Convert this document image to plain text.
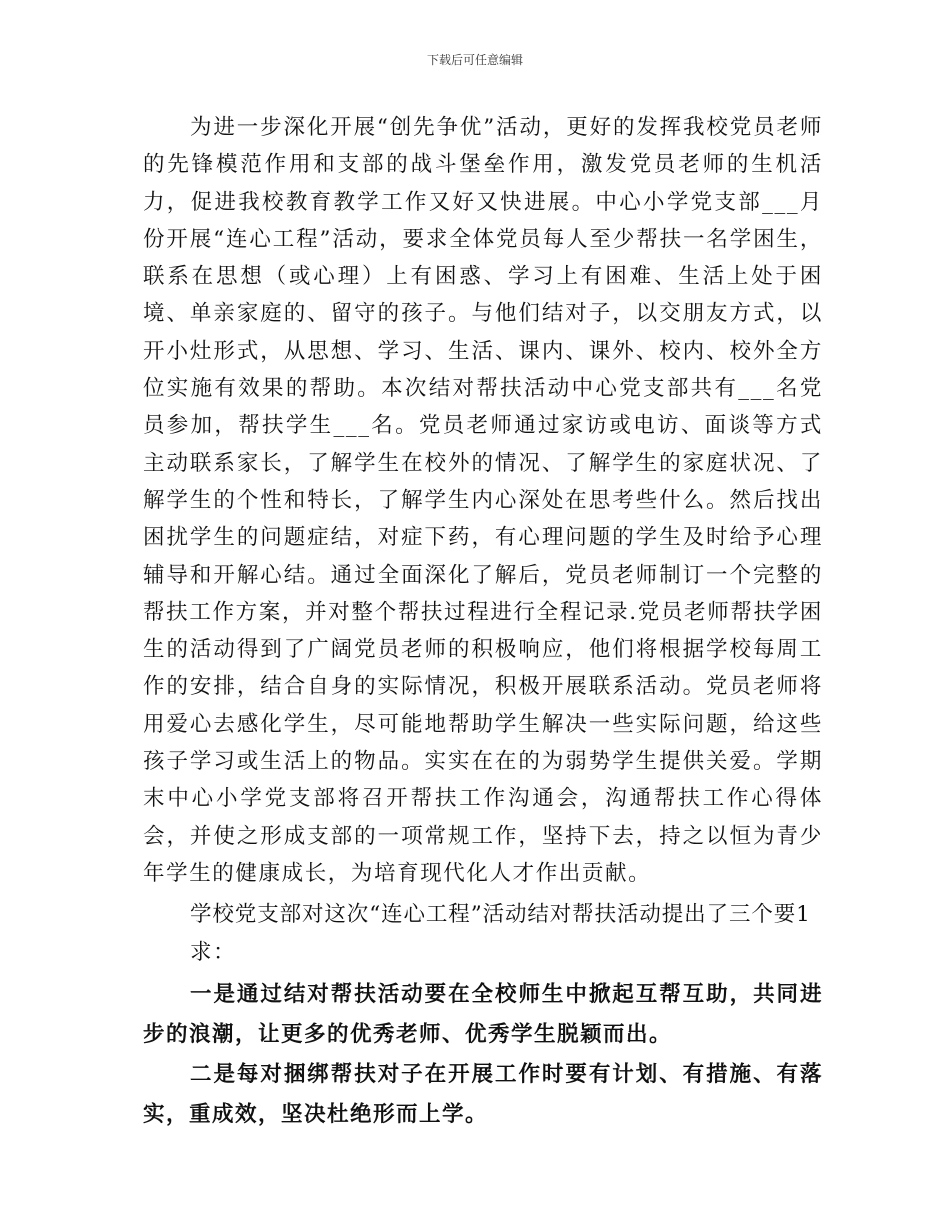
下载后可任意编辑

为进一步深化开展“创先争优”活动，更好的发挥我校党员老师的先锋模范作用和支部的战斗堡垒作用，激发党员老师的生机活力，促进我校教育教学工作又好又快进展。中心小学党支部___月份开展“连心工程”活动，要求全体党员每人至少帮扶一名学困生，联系在思想（或心理）上有困惑、学习上有困难、生活上处于困境、单亲家庭的、留守的孩子。与他们结对子，以交朋友方式，以开小灶形式，从思想、学习、生活、课内、课外、校内、校外全方位实施有效果的帮助。本次结对帮扶活动中心党支部共有___名党员参加，帮扶学生___名。党员老师通过家访或电访、面谈等方式主动联系家长，了解学生在校外的情况、了解学生的家庭状况、了解学生的个性和特长，了解学生内心深处在思考些什么。然后找出困扰学生的问题症结，对症下药，有心理问题的学生及时给予心理辅导和开解心结。通过全面深化了解后，党员老师制订一个完整的帮扶工作方案，并对整个帮扶过程进行全程记录.党员老师帮扶学困生的活动得到了广阔党员老师的积极响应，他们将根据学校每周工作的安排，结合自身的实际情况，积极开展联系活动。党员老师将用爱心去感化学生，尽可能地帮助学生解决一些实际问题，给这些孩子学习或生活上的物品。实实在在的为弱势学生提供关爱。学期末中心小学党支部将召开帮扶工作沟通会，沟通帮扶工作心得体会，并使之形成支部的一项常规工作，坚持下去，持之以恒为青少年学生的健康成长，为培育现代化人才作出贡献。

学校党支部对这次“连心工程”活动结对帮扶活动提出了三个要1

求：

一是通过结对帮扶活动要在全校师生中掀起互帮互助，共同进步的浪潮，让更多的优秀老师、优秀学生脱颖而出。

二是每对捆绑帮扶对子在开展工作时要有计划、有措施、有落实，重成效，坚决杜绝形而上学。
